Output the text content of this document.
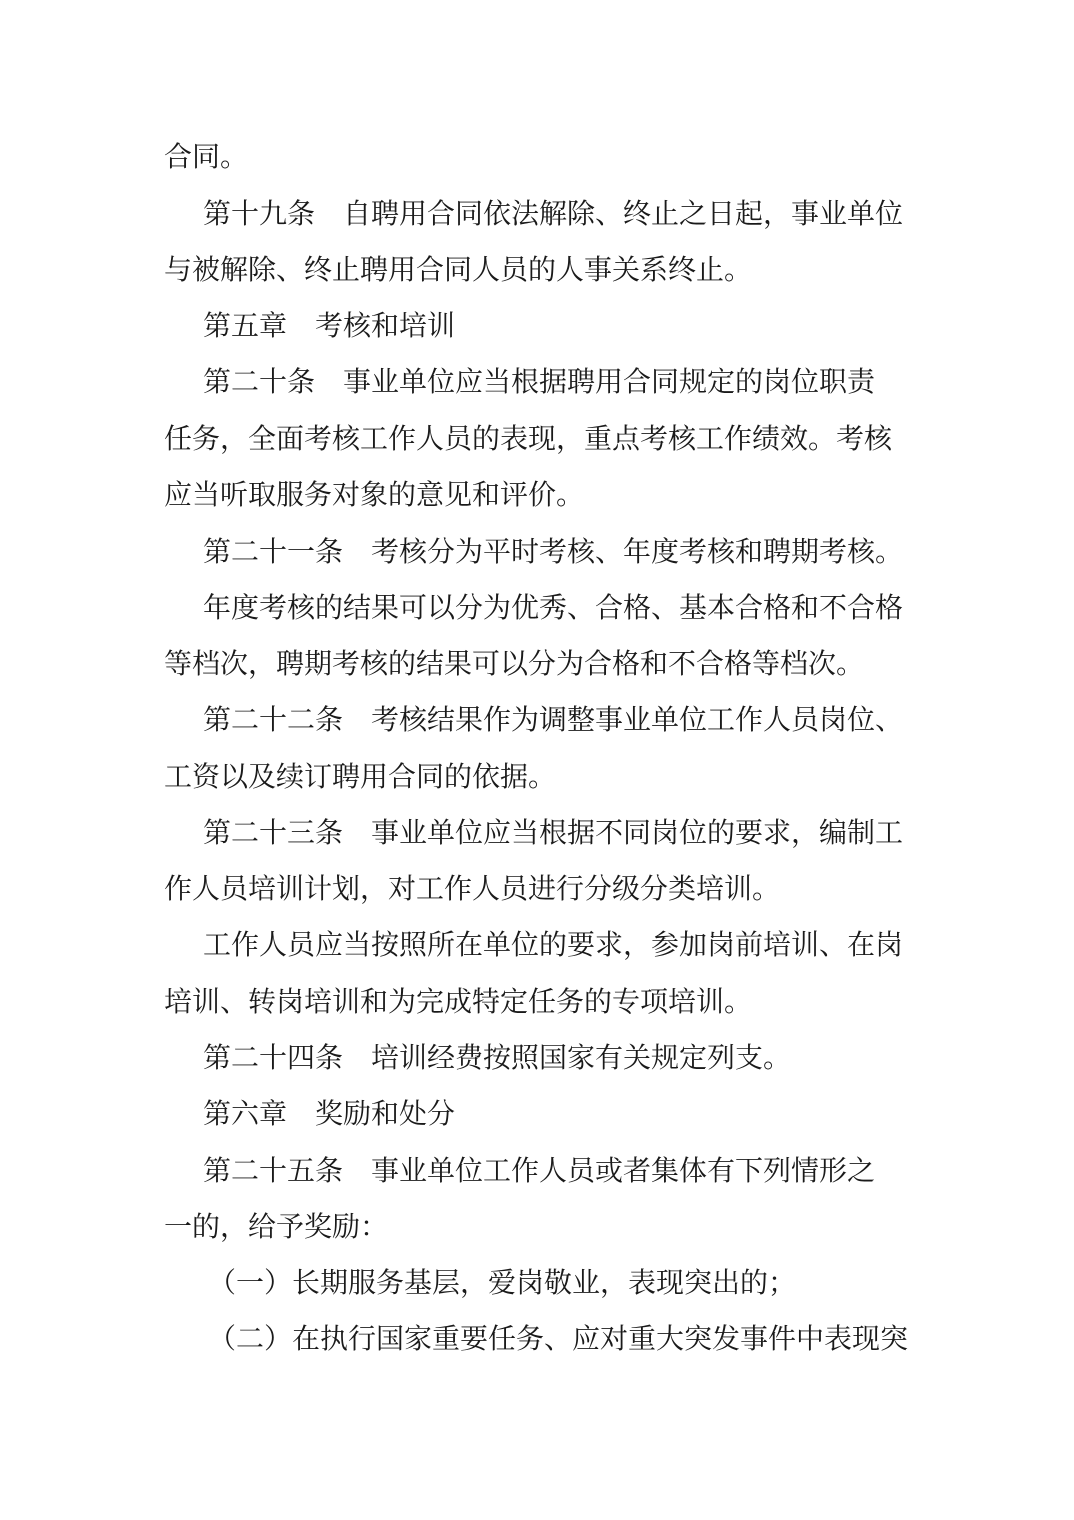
合同。
第十九条　自聘用合同依法解除、终止之日起，事业单位
与被解除、终止聘用合同人员的人事关系终止。
第五章　考核和培训
第二十条　事业单位应当根据聘用合同规定的岗位职责
任务，全面考核工作人员的表现，重点考核工作绩效。考核
应当听取服务对象的意见和评价。
第二十一条　考核分为平时考核、年度考核和聘期考核。
年度考核的结果可以分为优秀、合格、基本合格和不合格
等档次，聘期考核的结果可以分为合格和不合格等档次。
第二十二条　考核结果作为调整事业单位工作人员岗位、
工资以及续订聘用合同的依据。
第二十三条　事业单位应当根据不同岗位的要求，编制工
作人员培训计划，对工作人员进行分级分类培训。
工作人员应当按照所在单位的要求，参加岗前培训、在岗
培训、转岗培训和为完成特定任务的专项培训。
第二十四条　培训经费按照国家有关规定列支。
第六章　奖励和处分
第二十五条　事业单位工作人员或者集体有下列情形之
一的，给予奖励：
（一）长期服务基层，爱岗敬业，表现突出的；
（二）在执行国家重要任务、应对重大突发事件中表现突
